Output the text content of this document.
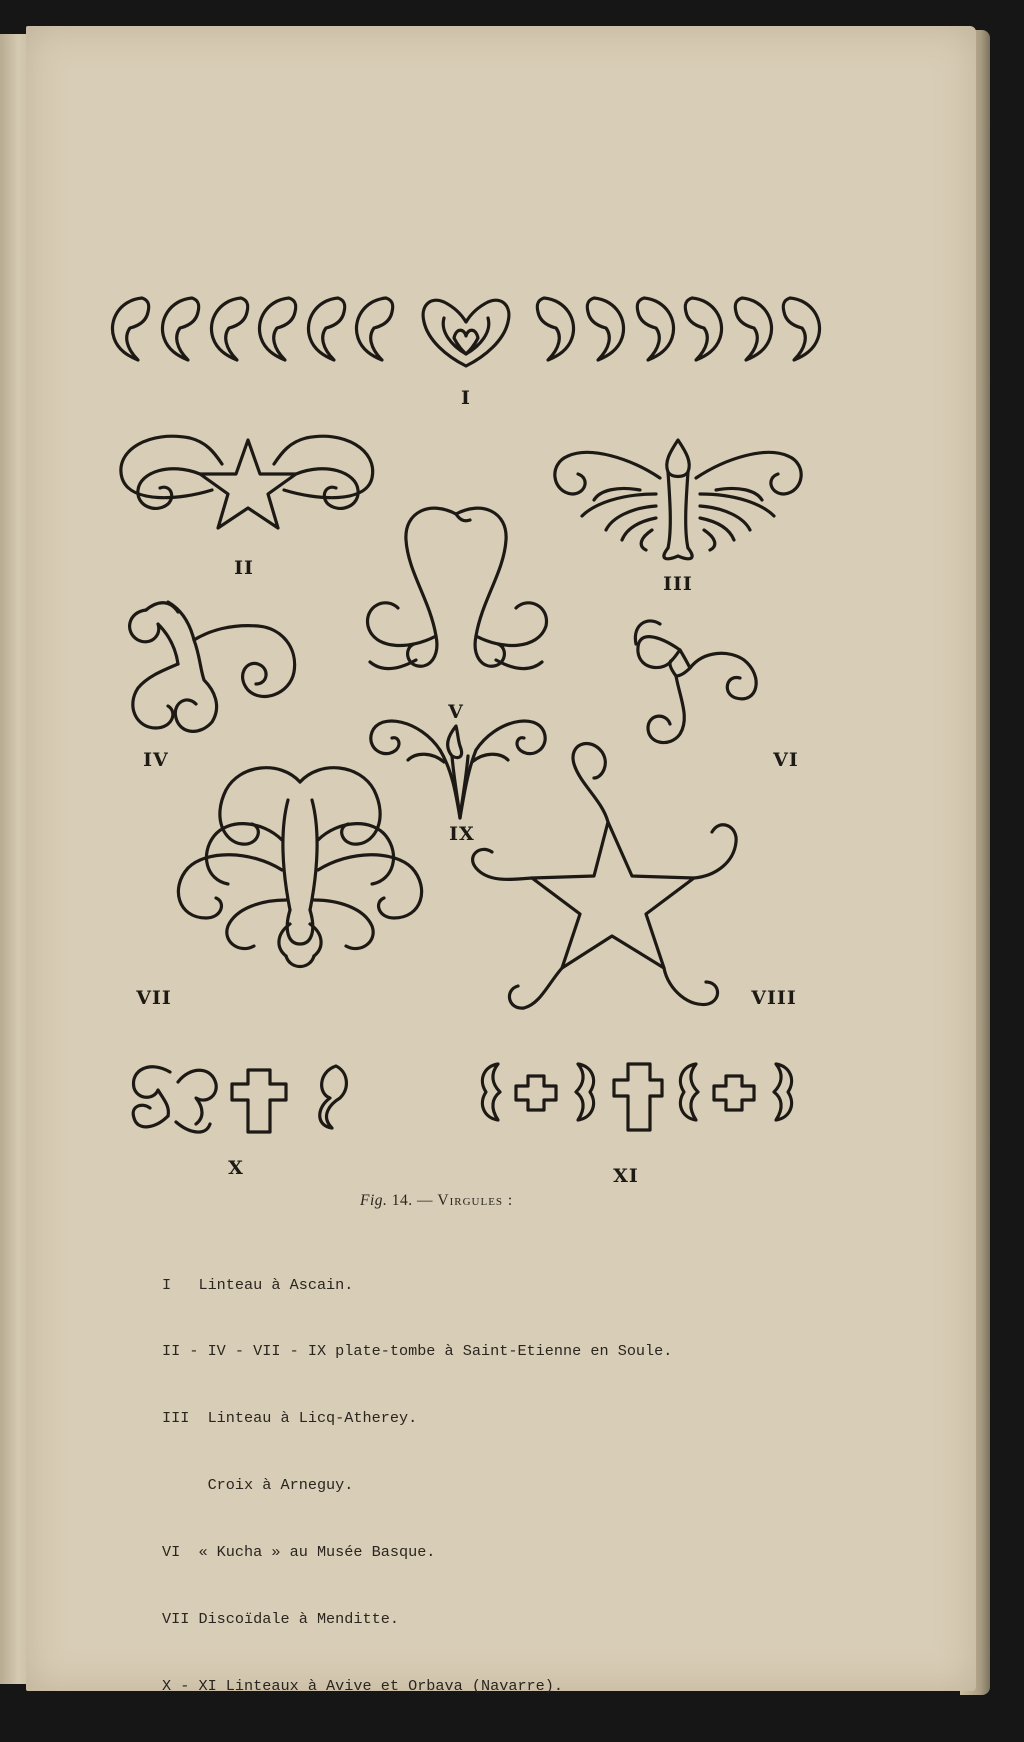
I
II
III
IV
V
VI
VII	VIII
IX
X	XI
Fig. 14. — Virgules :

I   Linteau à Ascain.

II - IV - VII - IX plate-tombe à Saint-Etienne en Soule.

III  Linteau à Licq-Atherey.

Croix à Arneguy.

VI  « Kucha » au Musée Basque.

VII Discoïdale à Menditte.

X - XI Linteaux à Avive et Orbava (Navarre).
